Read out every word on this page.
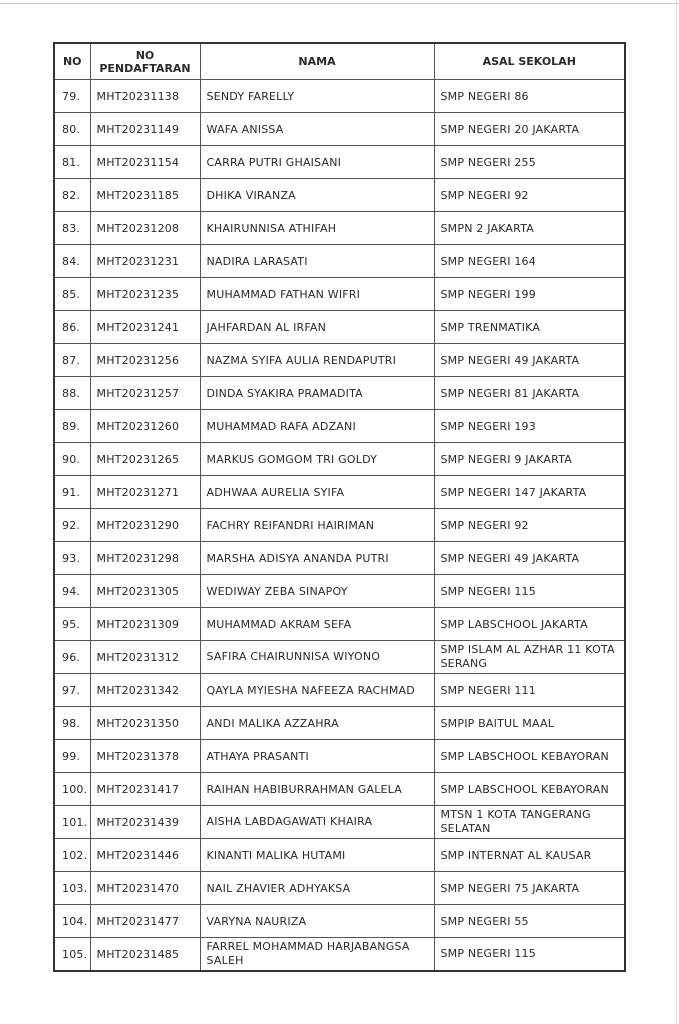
NO	NO PENDAFTARAN	NAMA	ASAL SEKOLAH
79.	MHT20231138	SENDY FARELLY	SMP NEGERI 86
80.	MHT20231149	WAFA ANISSA	SMP NEGERI 20 JAKARTA
81.	MHT20231154	CARRA PUTRI GHAISANI	SMP NEGERI 255
82.	MHT20231185	DHIKA VIRANZA	SMP NEGERI 92
83.	MHT20231208	KHAIRUNNISA ATHIFAH	SMPN 2 JAKARTA
84.	MHT20231231	NADIRA LARASATI	SMP NEGERI 164
85.	MHT20231235	MUHAMMAD FATHAN WIFRI	SMP NEGERI 199
86.	MHT20231241	JAHFARDAN AL IRFAN	SMP TRENMATIKA
87.	MHT20231256	NAZMA SYIFA AULIA RENDAPUTRI	SMP NEGERI 49 JAKARTA
88.	MHT20231257	DINDA SYAKIRA PRAMADITA	SMP NEGERI 81 JAKARTA
89.	MHT20231260	MUHAMMAD RAFA ADZANI	SMP NEGERI 193
90.	MHT20231265	MARKUS GOMGOM TRI GOLDY	SMP NEGERI 9 JAKARTA
91.	MHT20231271	ADHWAA AURELIA SYIFA	SMP NEGERI 147 JAKARTA
92.	MHT20231290	FACHRY REIFANDRI HAIRIMAN	SMP NEGERI 92
93.	MHT20231298	MARSHA ADISYA ANANDA PUTRI	SMP NEGERI 49 JAKARTA
94.	MHT20231305	WEDIWAY ZEBA SINAPOY	SMP NEGERI 115
95.	MHT20231309	MUHAMMAD AKRAM SEFA	SMP LABSCHOOL JAKARTA
96.	MHT20231312	SAFIRA CHAIRUNNISA WIYONO	SMP ISLAM AL AZHAR 11 KOTA SERANG
97.	MHT20231342	QAYLA MYIESHA NAFEEZA RACHMAD	SMP NEGERI 111
98.	MHT20231350	ANDI MALIKA AZZAHRA	SMPIP BAITUL MAAL
99.	MHT20231378	ATHAYA PRASANTI	SMP LABSCHOOL KEBAYORAN
100.	MHT20231417	RAIHAN HABIBURRAHMAN GALELA	SMP LABSCHOOL KEBAYORAN
101.	MHT20231439	AISHA LABDAGAWATI KHAIRA	MTSN 1 KOTA TANGERANG SELATAN
102.	MHT20231446	KINANTI MALIKA HUTAMI	SMP INTERNAT AL KAUSAR
103.	MHT20231470	NAIL ZHAVIER ADHYAKSA	SMP NEGERI 75 JAKARTA
104.	MHT20231477	VARYNA NAURIZA	SMP NEGERI 55
105.	MHT20231485	FARREL MOHAMMAD HARJABANGSA SALEH	SMP NEGERI 115
